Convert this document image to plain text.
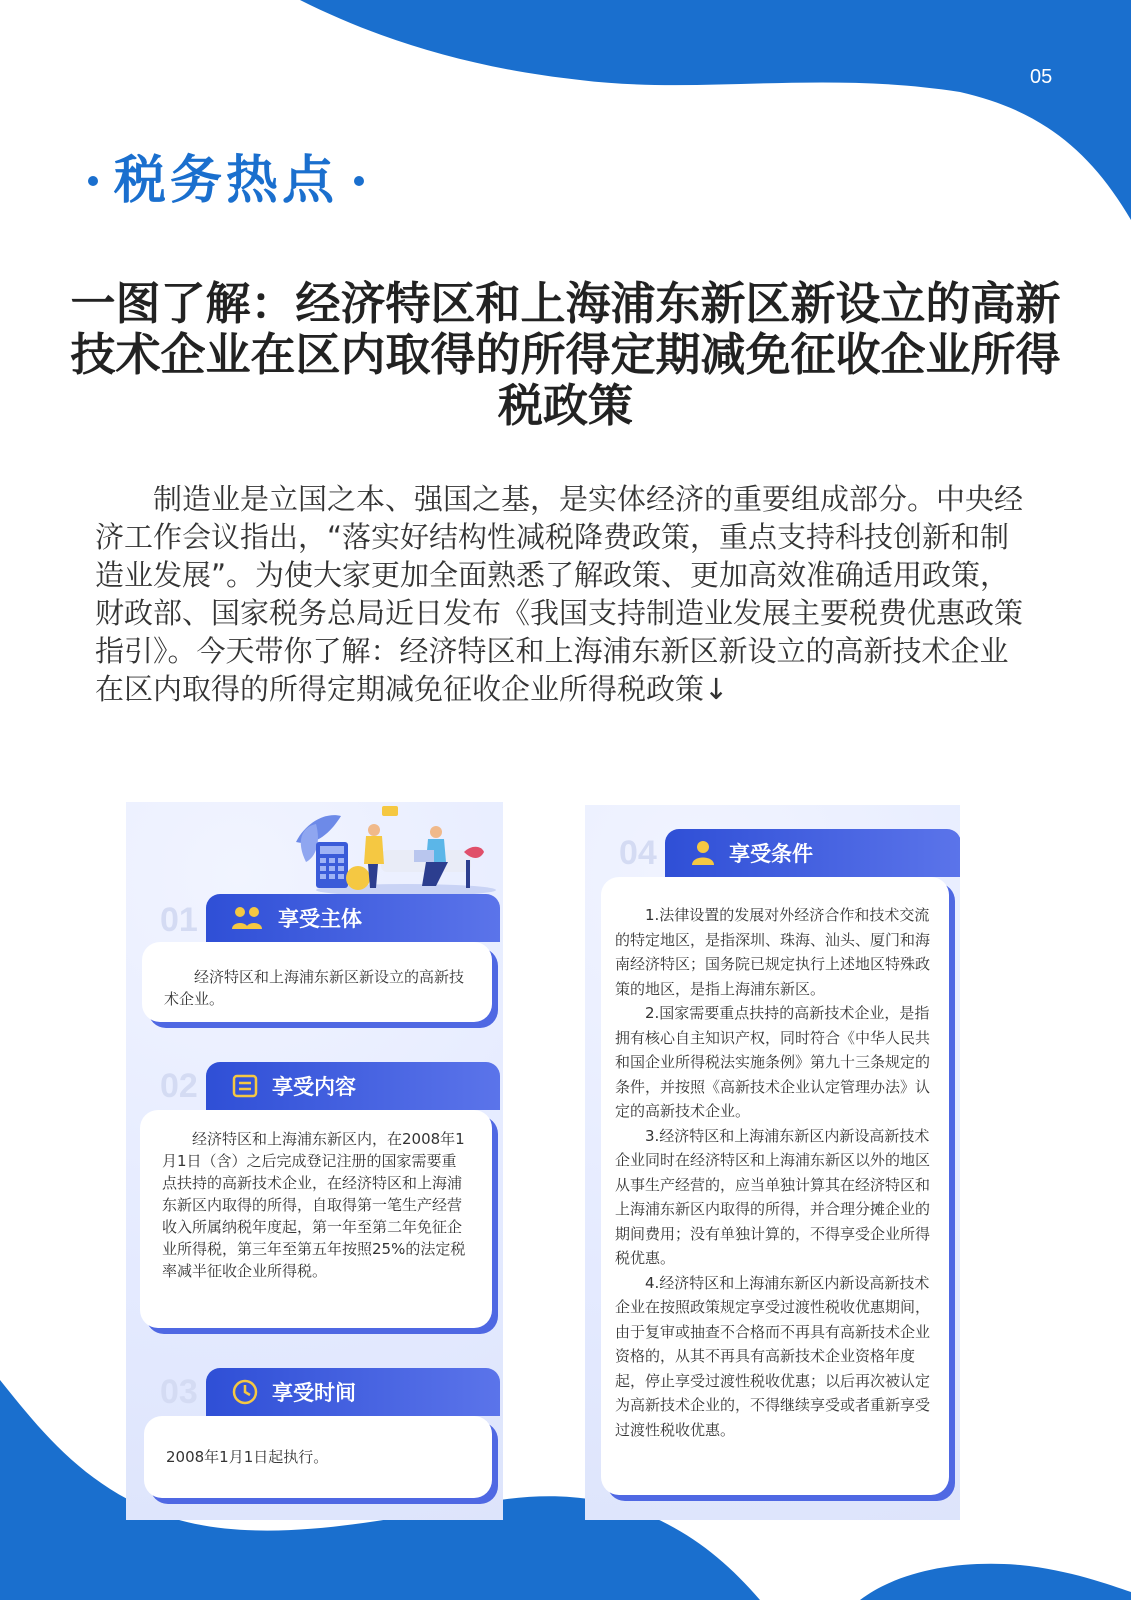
05
税务热点
一图了解：经济特区和上海浦东新区新设立的高新技术企业在区内取得的所得定期减免征收企业所得税政策

制造业是立国之本、强国之基，是实体经济的重要组成部分。中央经济工作会议指出，“落实好结构性减税降费政策，重点支持科技创新和制造业发展”。为使大家更加全面熟悉了解政策、更加高效准确适用政策，财政部、国家税务总局近日发布《我国支持制造业发展主要税费优惠政策指引》。今天带你了解：经济特区和上海浦东新区新设立的高新技术企业在区内取得的所得定期减免征收企业所得税政策↓

01	享受主体

经济特区和上海浦东新区新设立的高新技术企业。

02	享受内容

经济特区和上海浦东新区内，在2008年1月1日（含）之后完成登记注册的国家需要重点扶持的高新技术企业，在经济特区和上海浦东新区内取得的所得，自取得第一笔生产经营收入所属纳税年度起，第一年至第二年免征企业所得税，第三年至第五年按照25%的法定税率减半征收企业所得税。

03	享受时间

2008年1月1日起执行。

04	享受条件

1.法律设置的发展对外经济合作和技术交流的特定地区，是指深圳、珠海、汕头、厦门和海南经济特区；国务院已规定执行上述地区特殊政策的地区，是指上海浦东新区。

2.国家需要重点扶持的高新技术企业，是指拥有核心自主知识产权，同时符合《中华人民共和国企业所得税法实施条例》第九十三条规定的条件，并按照《高新技术企业认定管理办法》认定的高新技术企业。

3.经济特区和上海浦东新区内新设高新技术企业同时在经济特区和上海浦东新区以外的地区从事生产经营的，应当单独计算其在经济特区和上海浦东新区内取得的所得，并合理分摊企业的期间费用；没有单独计算的，不得享受企业所得税优惠。

4.经济特区和上海浦东新区内新设高新技术企业在按照政策规定享受过渡性税收优惠期间，由于复审或抽查不合格而不再具有高新技术企业资格的，从其不再具有高新技术企业资格年度起，停止享受过渡性税收优惠；以后再次被认定为高新技术企业的，不得继续享受或者重新享受过渡性税收优惠。
